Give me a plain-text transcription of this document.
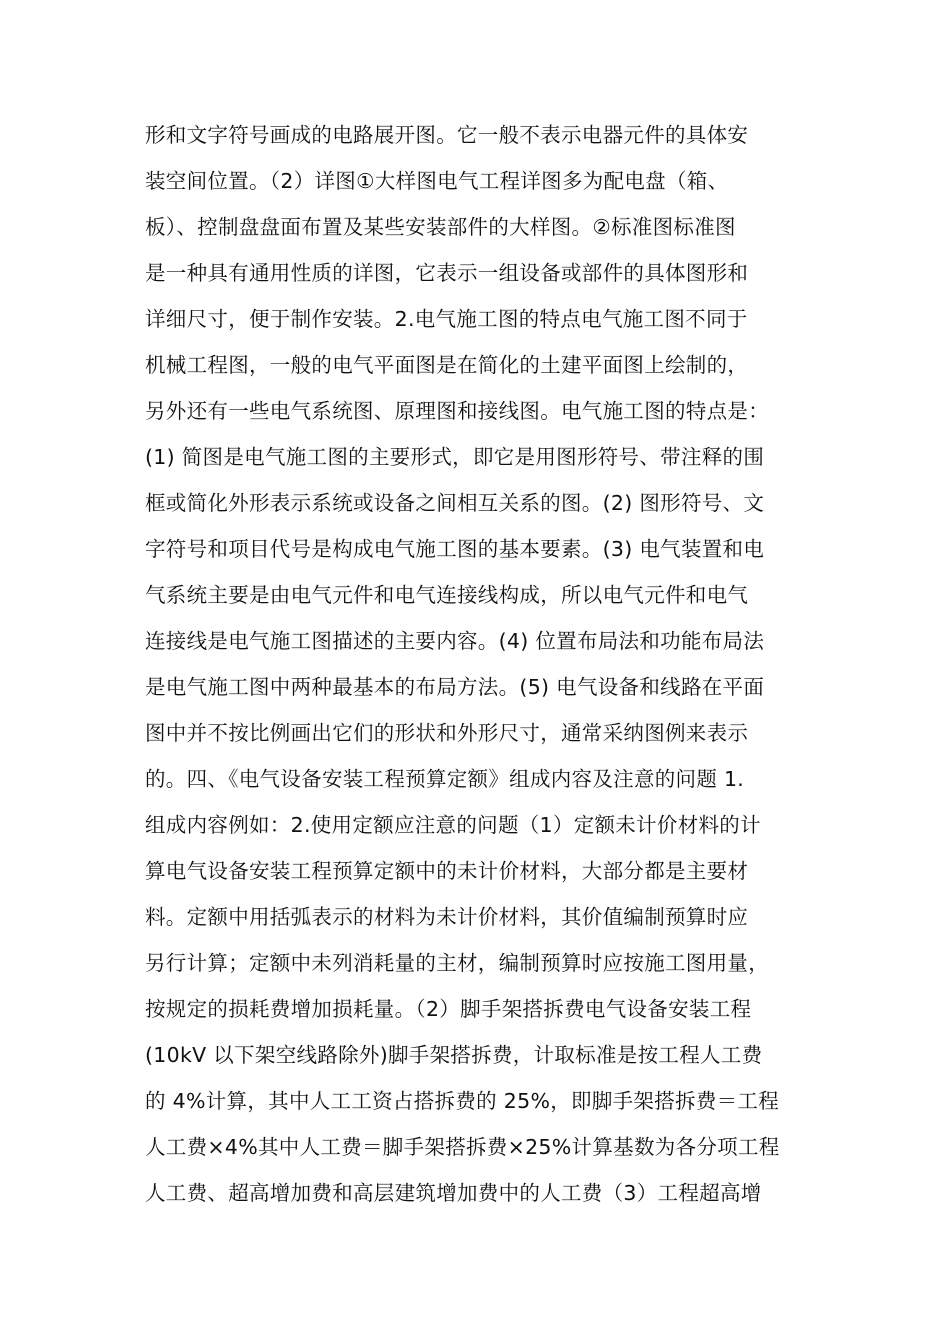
形和文字符号画成的电路展开图。它一般不表示电器元件的具体安
装空间位置。（2）详图①大样图电气工程详图多为配电盘（箱、
板）、控制盘盘面布置及某些安装部件的大样图。②标准图标准图
是一种具有通用性质的详图，它表示一组设备或部件的具体图形和
详细尺寸，便于制作安装。2.电气施工图的特点电气施工图不同于
机械工程图，一般的电气平面图是在简化的土建平面图上绘制的，
另外还有一些电气系统图、原理图和接线图。电气施工图的特点是：
(1) 简图是电气施工图的主要形式，即它是用图形符号、带注释的围
框或简化外形表示系统或设备之间相互关系的图。(2) 图形符号、文
字符号和项目代号是构成电气施工图的基本要素。(3) 电气装置和电
气系统主要是由电气元件和电气连接线构成，所以电气元件和电气
连接线是电气施工图描述的主要内容。(4) 位置布局法和功能布局法
是电气施工图中两种最基本的布局方法。(5) 电气设备和线路在平面
图中并不按比例画出它们的形状和外形尺寸，通常采纳图例来表示
的。四、《电气设备安装工程预算定额》组成内容及注意的问题 1.
组成内容例如：2.使用定额应注意的问题（1）定额未计价材料的计
算电气设备安装工程预算定额中的未计价材料，大部分都是主要材
料。定额中用括弧表示的材料为未计价材料，其价值编制预算时应
另行计算；定额中未列消耗量的主材，编制预算时应按施工图用量，
按规定的损耗费增加损耗量。（2）脚手架搭拆费电气设备安装工程
(10kV 以下架空线路除外)脚手架搭拆费，计取标准是按工程人工费
的 4%计算，其中人工工资占搭拆费的 25%，即脚手架搭拆费＝工程
人工费×4%其中人工费＝脚手架搭拆费×25%计算基数为各分项工程
人工费、超高增加费和高层建筑增加费中的人工费（3）工程超高增
